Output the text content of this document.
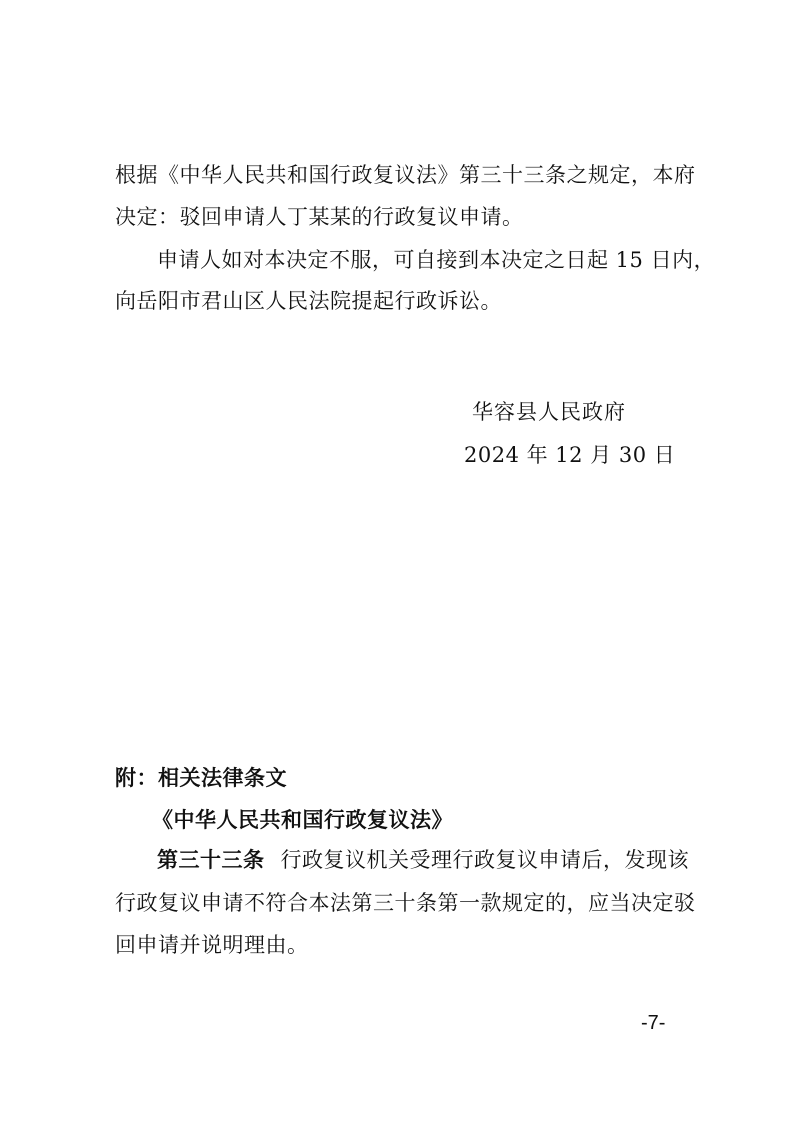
根据《中华人民共和国行政复议法》第三十三条之规定，本府
决定：驳回申请人丁某某的行政复议申请。
申请人如对本决定不服，可自接到本决定之日起 15 日内，
向岳阳市君山区人民法院提起行政诉讼。
华容县人民政府
2024 年 12 月 30 日
附：相关法律条文
《中华人民共和国行政复议法》
第三十三条 行政复议机关受理行政复议申请后，发现该
行政复议申请不符合本法第三十条第一款规定的，应当决定驳
回申请并说明理由。
-7-
